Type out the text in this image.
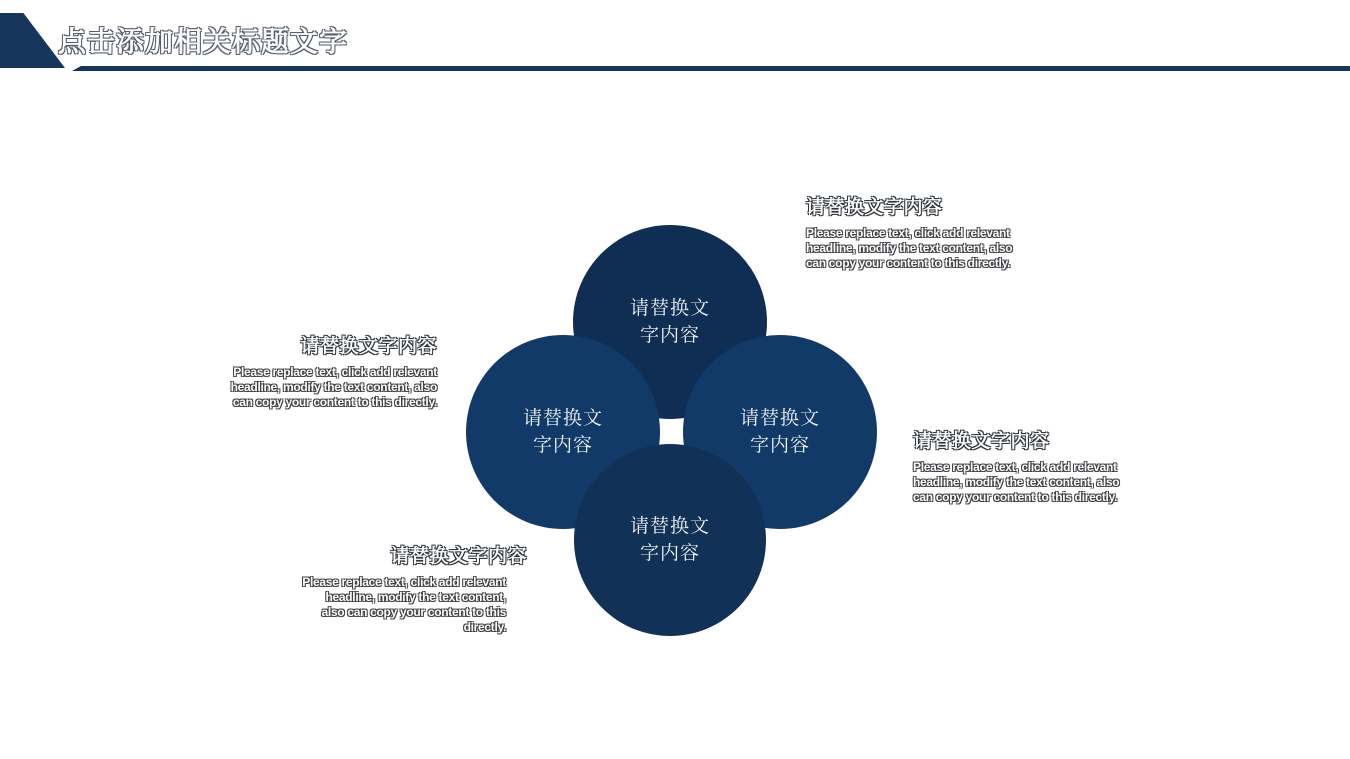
点击添加相关标题文字
请替换文
字内容
请替换文
字内容
请替换文
字内容
请替换文
字内容
请替换文字内容
Please replace text, click add relevant
headline, modify the text content, also
can copy your content to this directly.
请替换文字内容
Please replace text, click add relevant
headline, modify the text content, also
can copy your content to this directly.
请替换文字内容
Please replace text, click add relevant
headline, modify the text content, also
can copy your content to this directly.
请替换文字内容
Please replace text, click add relevant
headline, modify the text content,
also can copy your content to this
directly.
